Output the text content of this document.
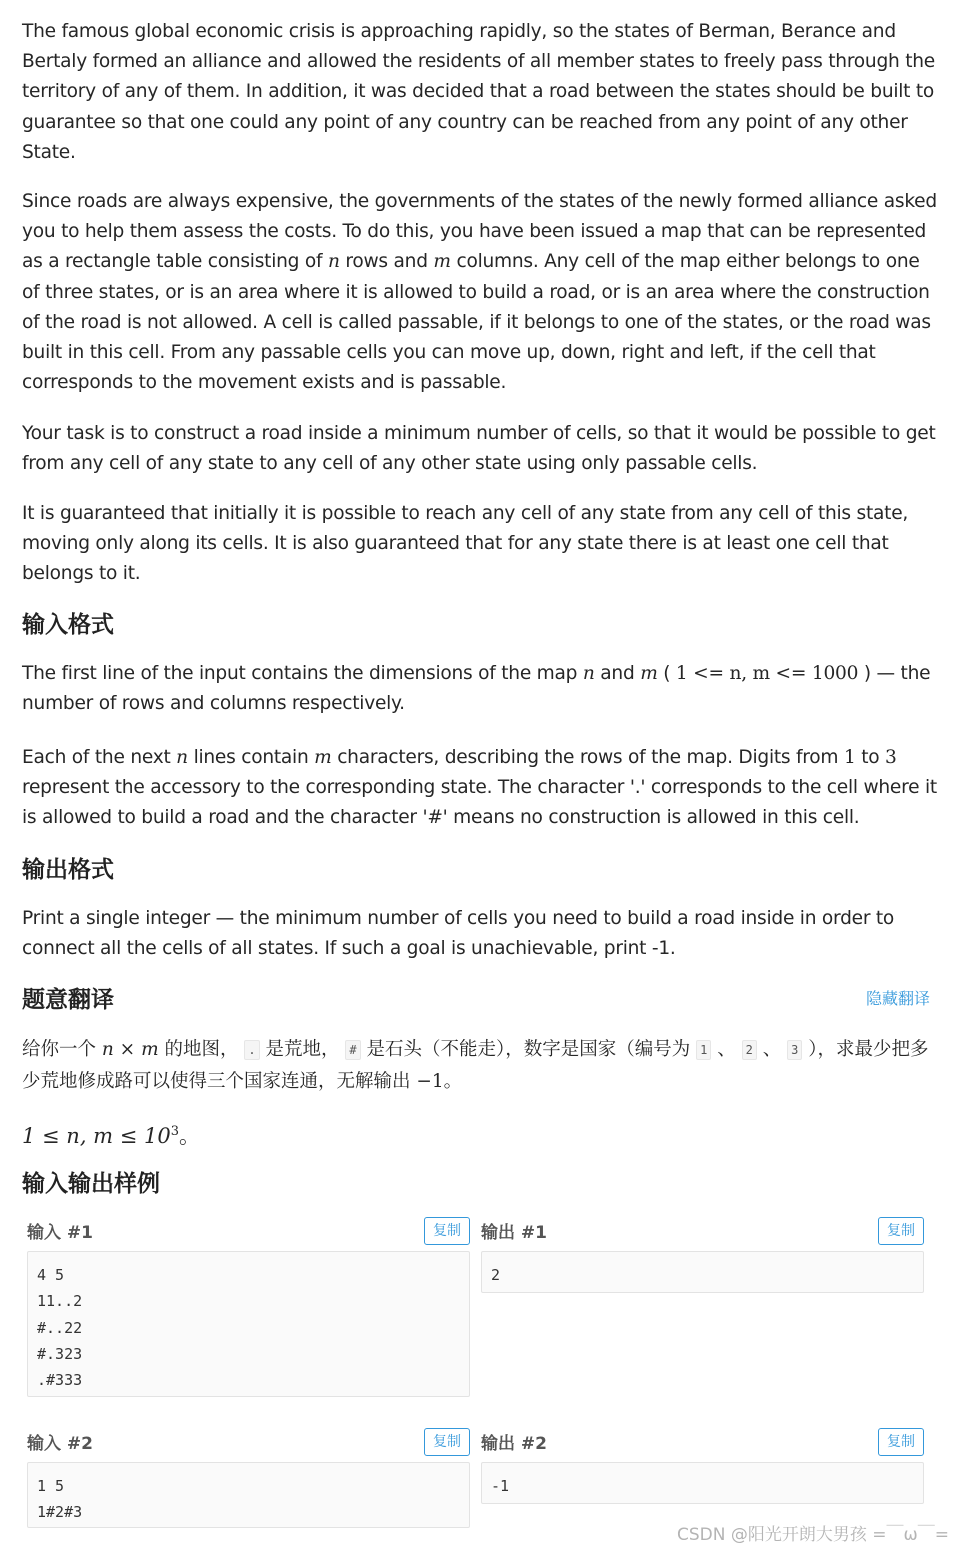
The famous global economic crisis is approaching rapidly, so the states of Berman, Berance and Bertaly formed an alliance and allowed the residents of all member states to freely pass through the territory of any of them. In addition, it was decided that a road between the states should be built to guarantee so that one could any point of any country can be reached from any point of any other State.

Since roads are always expensive, the governments of the states of the newly formed alliance asked you to help them assess the costs. To do this, you have been issued a map that can be represented as a rectangle table consisting of n rows and m columns. Any cell of the map either belongs to one of three states, or is an area where it is allowed to build a road, or is an area where the construction of the road is not allowed. A cell is called passable, if it belongs to one of the states, or the road was built in this cell. From any passable cells you can move up, down, right and left, if the cell that corresponds to the movement exists and is passable.

Your task is to construct a road inside a minimum number of cells, so that it would be possible to get from any cell of any state to any cell of any other state using only passable cells.

It is guaranteed that initially it is possible to reach any cell of any state from any cell of this state, moving only along its cells. It is also guaranteed that for any state there is at least one cell that belongs to it.

输入格式

The first line of the input contains the dimensions of the map n and m ( 1 <= n, m <= 1000 ) — the number of rows and columns respectively.

Each of the next n lines contain m characters, describing the rows of the map. Digits from 1 to 3 represent the accessory to the corresponding state. The character '.' corresponds to the cell where it is allowed to build a road and the character '#' means no construction is allowed in this cell.

输出格式

Print a single integer — the minimum number of cells you need to build a road inside in order to connect all the cells of all states. If such a goal is unachievable, print -1.

题意翻译	隐藏翻译

给你一个 n × m 的地图， . 是荒地， # 是石头（不能走），数字是国家（编号为 1 、 2 、 3 ），求最少把多少荒地修成路可以使得三个国家连通，无解输出 −1。

1 ≤ n, $m \le 10^3$。

输入输出样例
输入 #1	复制
4 5
11..2
#..22
#.323
.#333
输出 #1	复制
2
输入 #2	复制
1 5
1#2#3
输出 #2	复制
-1
CSDN @阳光开朗大男孩 =￣ω￣=
